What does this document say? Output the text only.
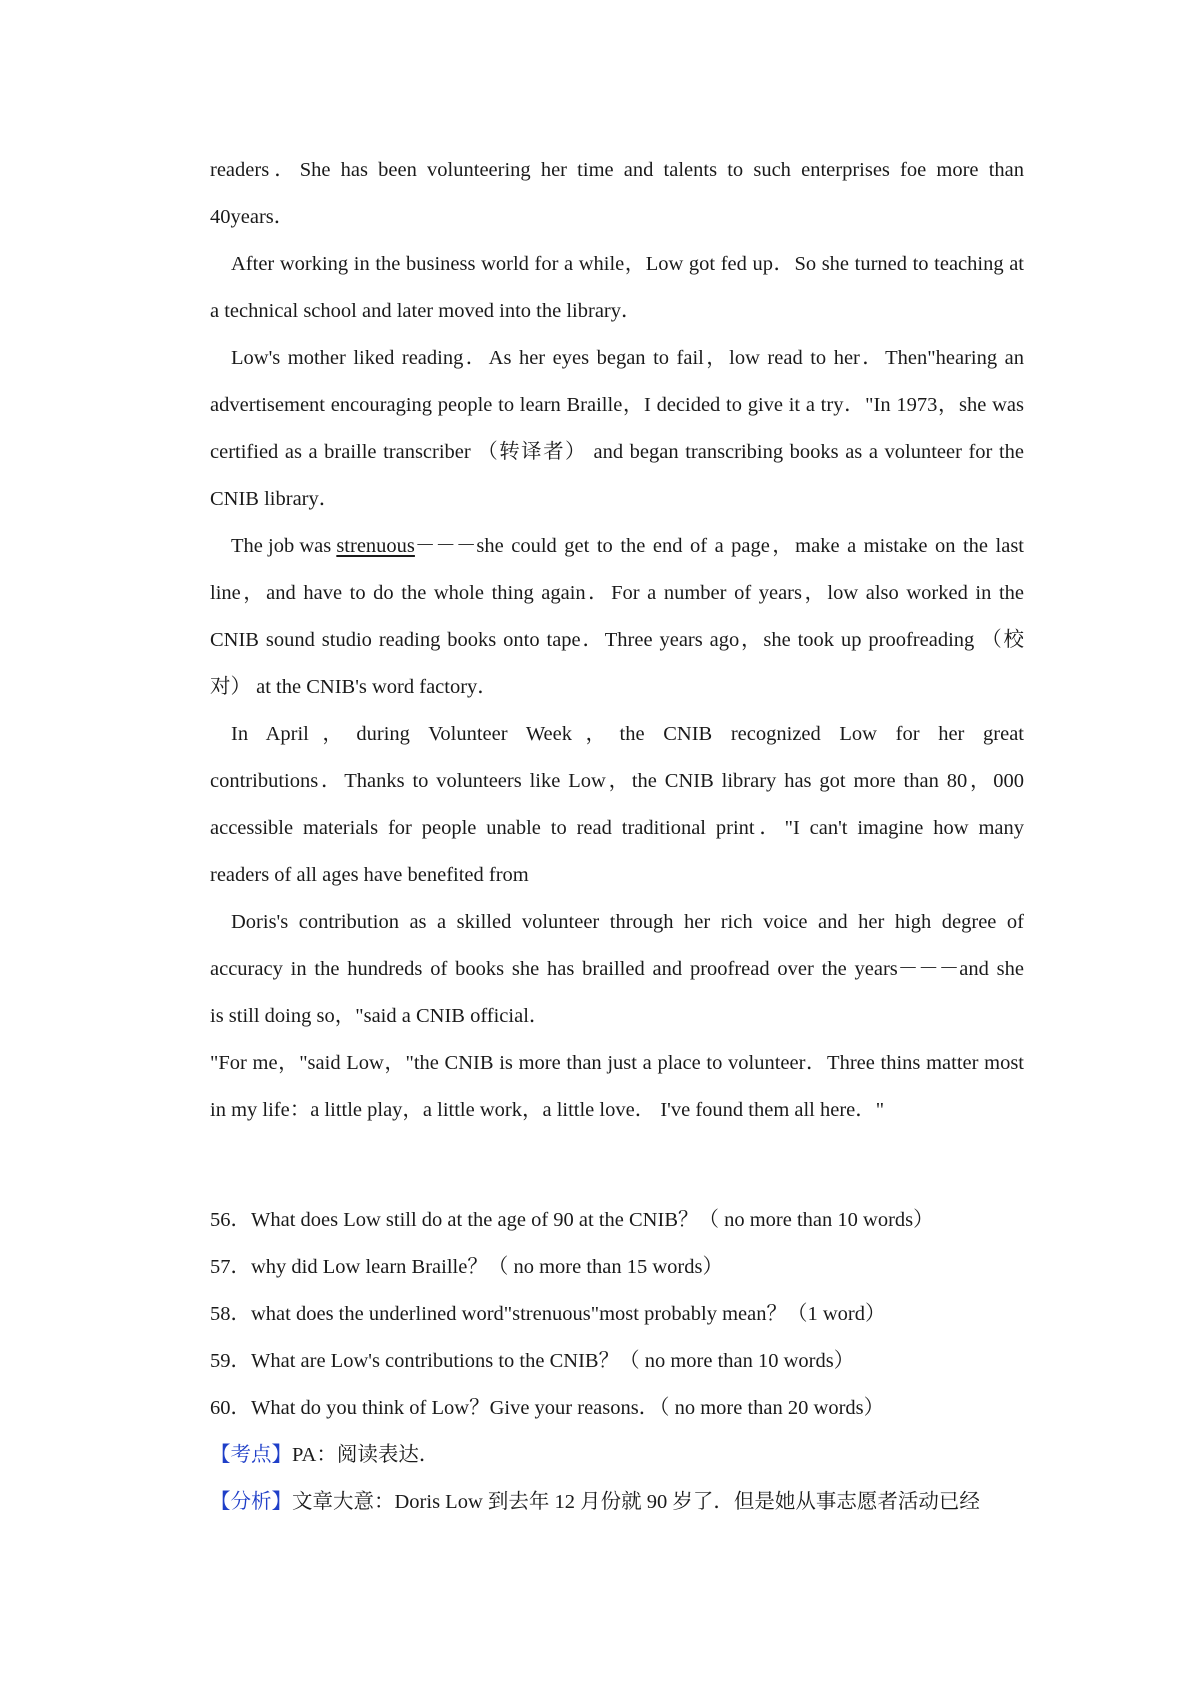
readers．She has been volunteering her time and talents to such enterprises foe more than
40years．
After working in the business world for a while，Low got fed up．So she turned to teaching at
a technical school and later moved into the library．
Low's mother liked reading．As her eyes began to fail，low read to her．Then"hearing an
advertisement encouraging people to learn Braille，I decided to give it a try．"In 1973，she was
certified as a braille transcriber （转译者） and began transcribing books as a volunteer for the
CNIB library．
The job was strenuous －－－she could get to the end of a page，make a mistake on the last
line，and have to do the whole thing again．For a number of years，low also worked in the
CNIB sound studio reading books onto tape．Three years ago，she took up proofreading （校
对） at the CNIB's word factory．
In April，during Volunteer Week，the CNIB recognized Low for her great
contributions．Thanks to volunteers like Low，the CNIB library has got more than 80，000
accessible materials for people unable to read traditional print．"I can't imagine how many
readers of all ages have benefited from
Doris's contribution as a skilled volunteer through her rich voice and her high degree of
accuracy in the hundreds of books she has brailled and proofread over the years－－－and she
is still doing so，"said a CNIB official．
"For me，"said Low，"the CNIB is more than just a place to volunteer．Three thins matter most
in my life：a little play，a little work，a little love． I've found them all here．"
56．What does Low still do at the age of 90 at the CNIB？（ no more than 10 words）
57．why did Low learn Braille？（ no more than 15 words）
58．what does the underlined word"strenuous"most probably mean？（1 word）
59．What are Low's contributions to the CNIB？（ no more than 10 words）
60．What do you think of Low？Give your reasons．（ no more than 20 words）
【考点】PA：阅读表达．
【分析】文章大意：Doris Low 到去年 12 月份就 90 岁了．但是她从事志愿者活动已经
